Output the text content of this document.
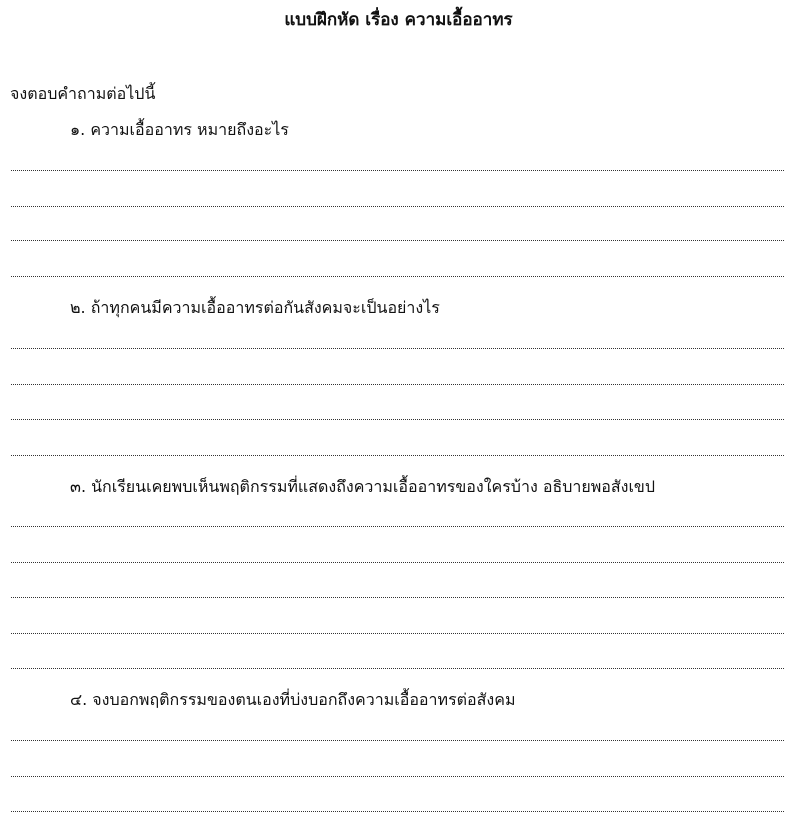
แบบฝึกหัด เรื่อง ความเอื้ออาทร
จงตอบคำถามต่อไปนี้
๑. ความเอื้ออาทร หมายถึงอะไร
๒. ถ้าทุกคนมีความเอื้ออาทรต่อกันสังคมจะเป็นอย่างไร
๓. นักเรียนเคยพบเห็นพฤติกรรมที่แสดงถึงความเอื้ออาทรของใครบ้าง อธิบายพอสังเขป
๔. จงบอกพฤติกรรมของตนเองที่บ่งบอกถึงความเอื้ออาทรต่อสังคม
